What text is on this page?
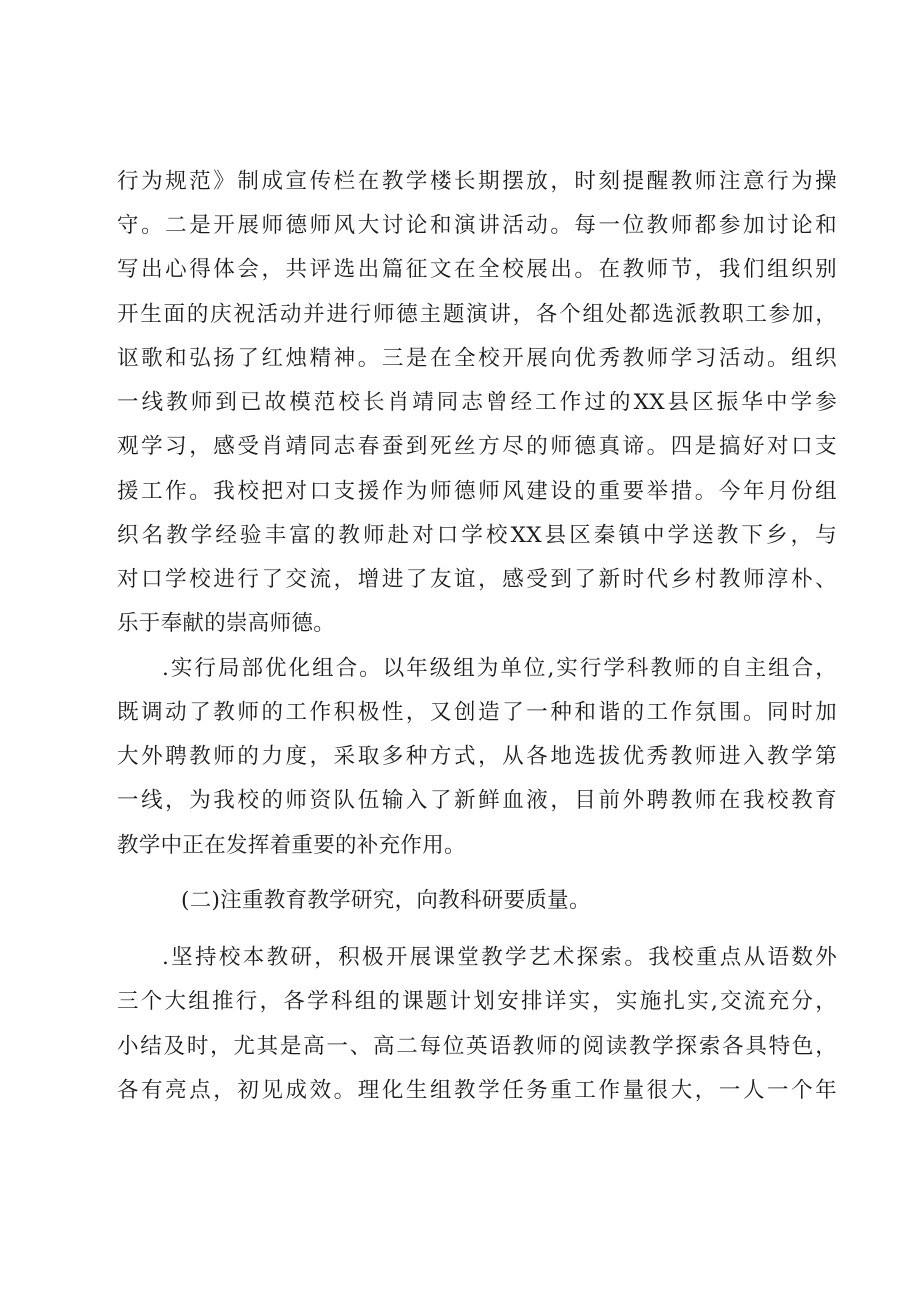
行为规范》制成宣传栏在教学楼长期摆放，时刻提醒教师注意行为操

守。二是开展师德师风大讨论和演讲活动。每一位教师都参加讨论和

写出心得体会，共评选出篇征文在全校展出。在教师节，我们组织别

开生面的庆祝活动并进行师德主题演讲，各个组处都选派教职工参加，

讴歌和弘扬了红烛精神。三是在全校开展向优秀教师学习活动。组织

一线教师到已故模范校长肖靖同志曾经工作过的XX县区振华中学参

观学习，感受肖靖同志春蚕到死丝方尽的师德真谛。四是搞好对口支

援工作。我校把对口支援作为师德师风建设的重要举措。今年月份组

织名教学经验丰富的教师赴对口学校XX县区秦镇中学送教下乡，与

对口学校进行了交流，增进了友谊，感受到了新时代乡村教师淳朴、

乐于奉献的崇高师德。

.实行局部优化组合。以年级组为单位,实行学科教师的自主组合，

既调动了教师的工作积极性，又创造了一种和谐的工作氛围。同时加

大外聘教师的力度，采取多种方式，从各地选拔优秀教师进入教学第

一线，为我校的师资队伍输入了新鲜血液，目前外聘教师在我校教育

教学中正在发挥着重要的补充作用。

(二)注重教育教学研究，向教科研要质量。

.坚持校本教研，积极开展课堂教学艺术探索。我校重点从语数外

三个大组推行，各学科组的课题计划安排详实，实施扎实,交流充分，

小结及时，尤其是高一、高二每位英语教师的阅读教学探索各具特色，

各有亮点，初见成效。理化生组教学任务重工作量很大，一人一个年
